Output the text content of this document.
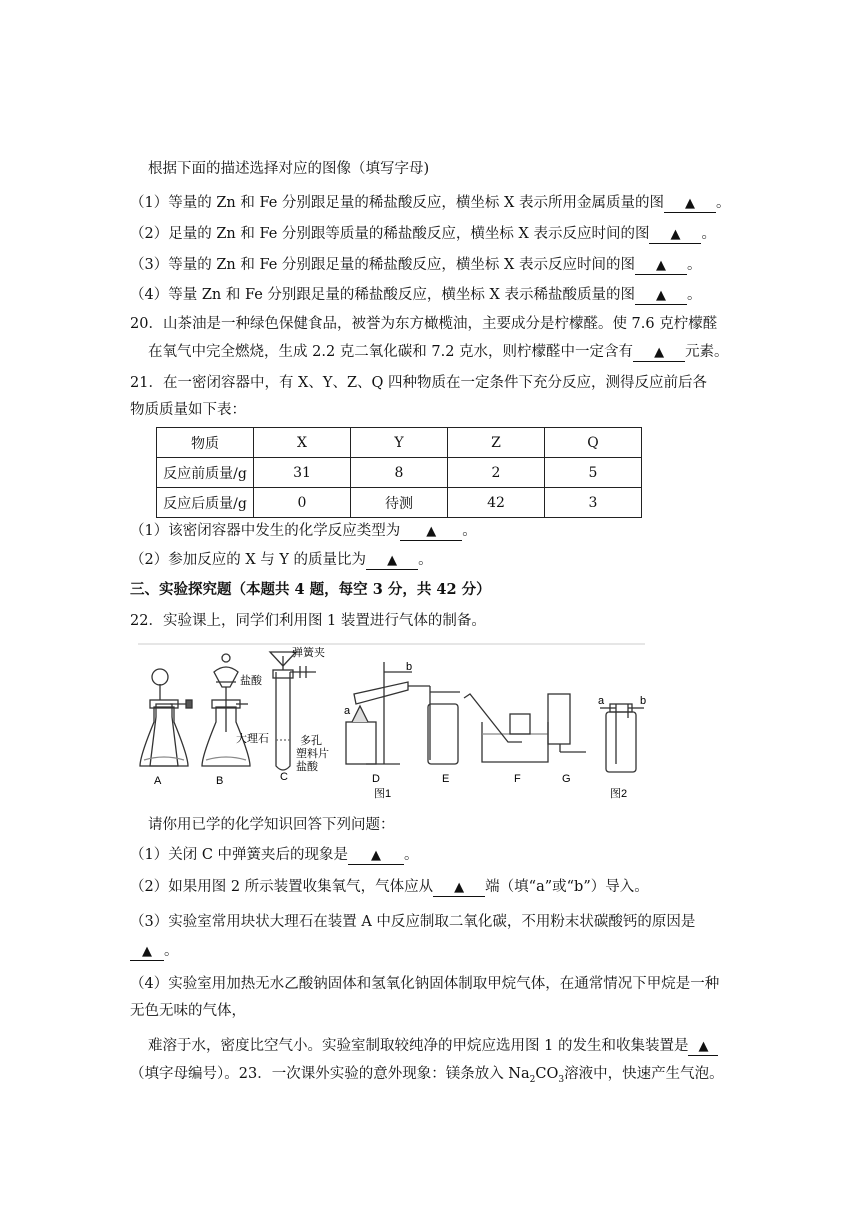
根据下面的描述选择对应的图像（填写字母)
（1）等量的 Zn 和 Fe 分别跟足量的稀盐酸反应，横坐标 X 表示所用金属质量的图 ▲ 。
（2）足量的 Zn 和 Fe 分别跟等质量的稀盐酸反应，横坐标 X 表示反应时间的图 ▲ 。
（3）等量的 Zn 和 Fe 分别跟足量的稀盐酸反应，横坐标 X 表示反应时间的图 ▲ 。
（4）等量 Zn 和 Fe 分别跟足量的稀盐酸反应，横坐标 X 表示稀盐酸质量的图 ▲ 。
20．山茶油是一种绿色保健食品，被誉为东方橄榄油，主要成分是柠檬醛。使 7.6 克柠檬醛
在氧气中完全燃烧，生成 2.2 克二氧化碳和 7.2 克水，则柠檬醛中一定含有 ▲ 元素。
21．在一密闭容器中，有 X、Y、Z、Q 四种物质在一定条件下充分反应，测得反应前后各
物质质量如下表：
物质	X	Y	Z	Q
反应前质量/g	31	8	2	5
反应后质量/g	0	待测	42	3
（1）该密闭容器中发生的化学反应类型为 ▲ 。
（2）参加反应的 X 与 Y 的质量比为 ▲ 。
三、实验探究题（本题共 4 题，每空 3 分，共 42 分）
22．实验课上，同学们利用图 1 装置进行气体的制备。
A	B	C	D	E	F	G
图1	图2
盐酸
弹簧夹
大理石	多孔
塑料片
盐酸
a
b
a	b
请你用已学的化学知识回答下列问题：
（1）关闭 C 中弹簧夹后的现象是 ▲ 。
（2）如果用图 2 所示装置收集氧气，气体应从 ▲ 端（填“a”或“b”）导入。
（3）实验室常用块状大理石在装置 A 中反应制取二氧化碳，不用粉末状碳酸钙的原因是
▲ 。
（4）实验室用加热无水乙酸钠固体和氢氧化钠固体制取甲烷气体，在通常情况下甲烷是一种
无色无味的气体，
难溶于水，密度比空气小。实验室制取较纯净的甲烷应选用图 1 的发生和收集装置是 ▲
（填字母编号）。23．一次课外实验的意外现象：镁条放入 $Na_2CO_3$溶液中，快速产生气泡。
